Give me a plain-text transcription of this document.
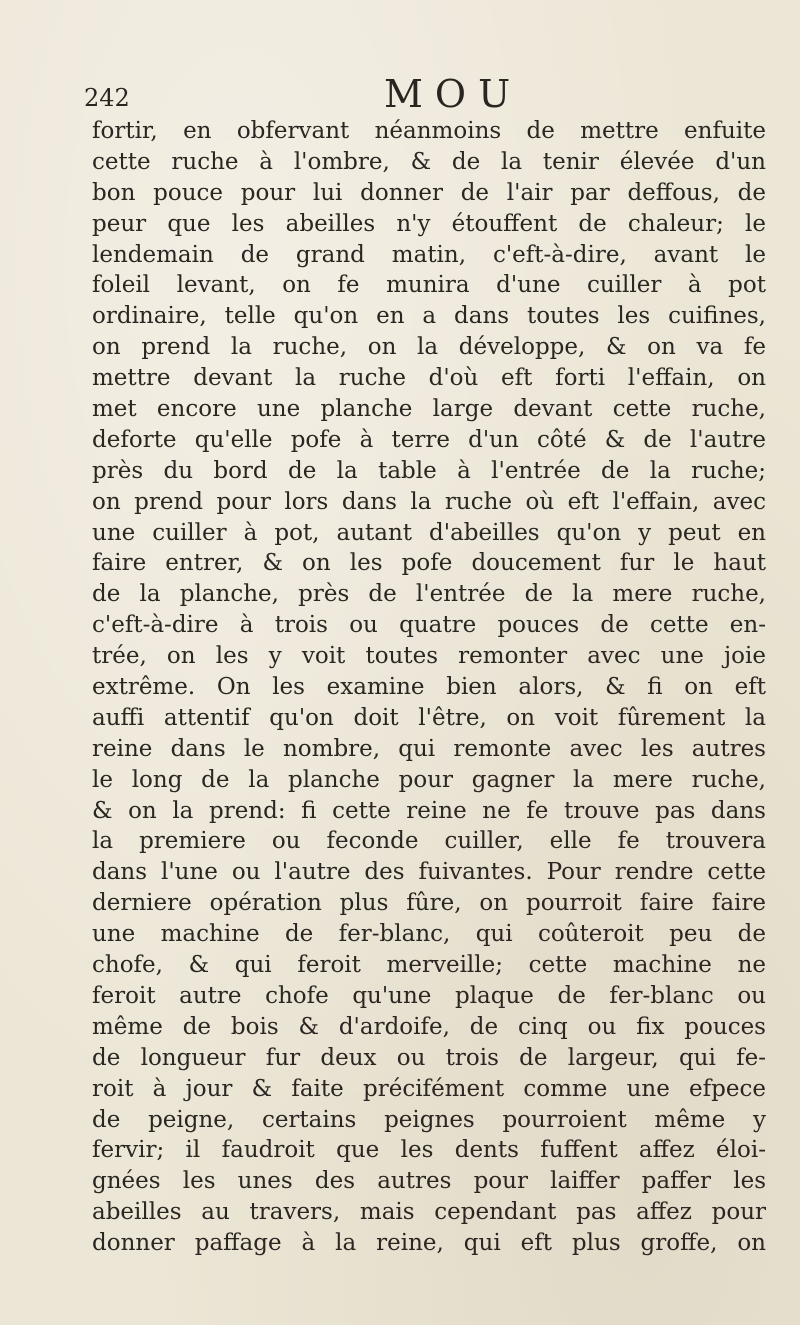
242	MOU
fortir, en obfervant néanmoins de mettre enfuite
cette ruche à l'ombre, & de la tenir élevée d'un
bon pouce pour lui donner de l'air par deffous, de
peur que les abeilles n'y étouffent de chaleur; le
lendemain de grand matin, c'eft-à-dire, avant le
foleil levant, on fe munira d'une cuiller à pot
ordinaire, telle qu'on en a dans toutes les cuifines,
on prend la ruche, on la développe, & on va fe
mettre devant la ruche d'où eft forti l'effain, on
met encore une planche large devant cette ruche,
deforte qu'elle pofe à terre d'un côté & de l'autre
près du bord de la table à l'entrée de la ruche;
on prend pour lors dans la ruche où eft l'effain, avec
une cuiller à pot, autant d'abeilles qu'on y peut en
faire entrer, & on les pofe doucement fur le haut
de la planche, près de l'entrée de la mere ruche,
c'eft-à-dire à trois ou quatre pouces de cette en-
trée, on les y voit toutes remonter avec une joie
extrême. On les examine bien alors, & fi on eft
auffi attentif qu'on doit l'être, on voit fûrement la
reine dans le nombre, qui remonte avec les autres
le long de la planche pour gagner la mere ruche,
& on la prend: fi cette reine ne fe trouve pas dans
la premiere ou feconde cuiller, elle fe trouvera
dans l'une ou l'autre des fuivantes. Pour rendre cette
derniere opération plus fûre, on pourroit faire faire
une machine de fer-blanc, qui coûteroit peu de
chofe, & qui feroit merveille; cette machine ne
feroit autre chofe qu'une plaque de fer-blanc ou
même de bois & d'ardoife, de cinq ou fix pouces
de longueur fur deux ou trois de largeur, qui fe-
roit à jour & faite précifément comme une efpece
de peigne, certains peignes pourroient même y
fervir; il faudroit que les dents fuffent affez éloi-
gnées les unes des autres pour laiffer paffer les
abeilles au travers, mais cependant pas affez pour
donner paffage à la reine, qui eft plus groffe, on
